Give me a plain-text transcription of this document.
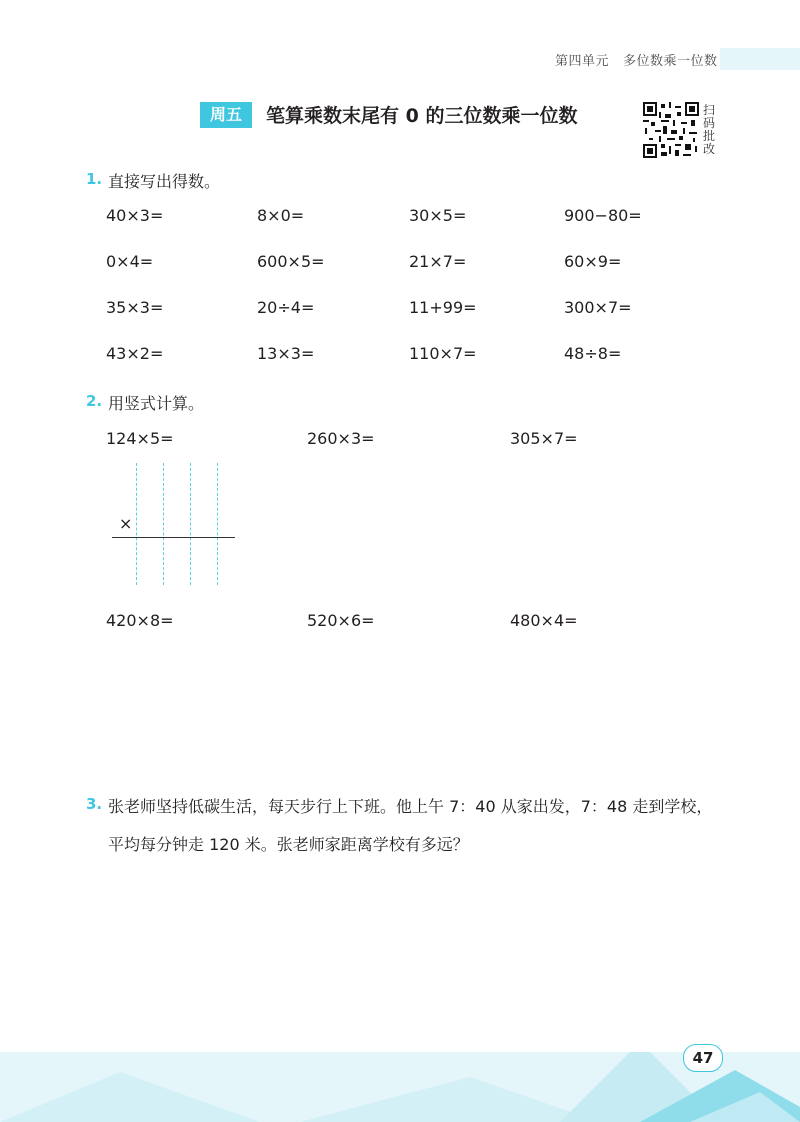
第四单元 多位数乘一位数
周五	笔算乘数末尾有 0 的三位数乘一位数	扫
码
批
改
1. 直接写出得数。
40×3=	8×0=	30×5=	900−80=
0×4=	600×5=	21×7=	60×9=
35×3=	20÷4=	11+99=	300×7=
43×2=	13×3=	110×7=	48÷8=
2. 用竖式计算。
124×5=	260×3=	305×7=
×
420×8=	520×6=	480×4=
3. 张老师坚持低碳生活，每天步行上下班。他上午 7：40 从家出发，7：48 走到学校，
平均每分钟走 120 米。张老师家距离学校有多远？
47
